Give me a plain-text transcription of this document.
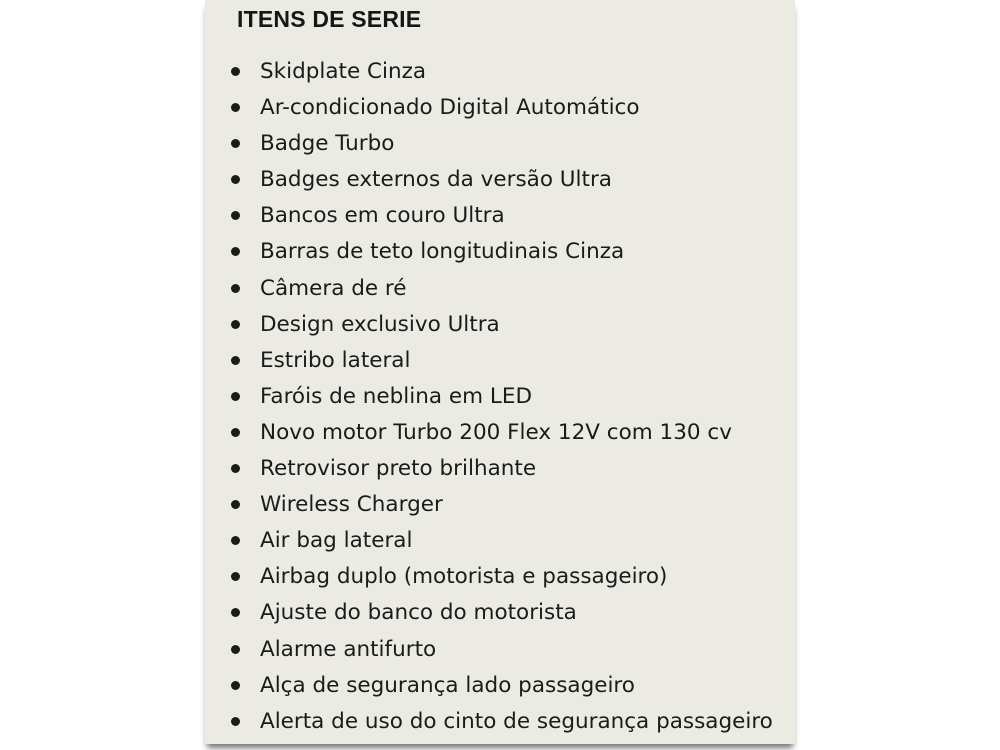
ITENS DE SERIE
Skidplate Cinza
Ar-condicionado Digital Automático
Badge Turbo
Badges externos da versão Ultra
Bancos em couro Ultra
Barras de teto longitudinais Cinza
Câmera de ré
Design exclusivo Ultra
Estribo lateral
Faróis de neblina em LED
Novo motor Turbo 200 Flex 12V com 130 cv
Retrovisor preto brilhante
Wireless Charger
Air bag lateral
Airbag duplo (motorista e passageiro)
Ajuste do banco do motorista
Alarme antifurto
Alça de segurança lado passageiro
Alerta de uso do cinto de segurança passageiro
